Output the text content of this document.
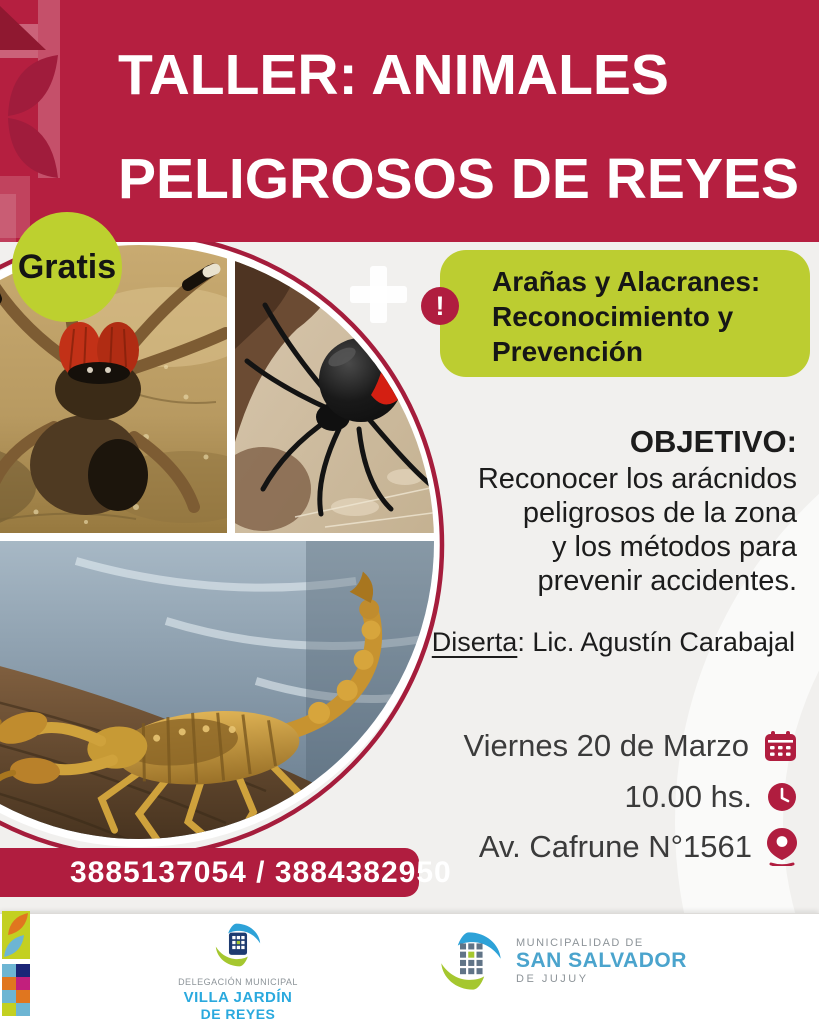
TALLER: ANIMALES
PELIGROSOS DE REYES
Gratis	Arañas y Alacranes:
Reconocimiento y
Prevención
!
OBJETIVO:
Reconocer los arácnidos
peligrosos de la zona
y los métodos para
prevenir accidentes.
Diserta: Lic. Agustín Carabajal
Viernes 20 de Marzo
10.00 hs.
Av. Cafrune N°1561
3885137054 / 3884382950
DELEGACIÓN MUNICIPAL
VILLA JARDÍN
DE REYES
MUNICIPALIDAD DE
SAN SALVADOR
DE JUJUY
